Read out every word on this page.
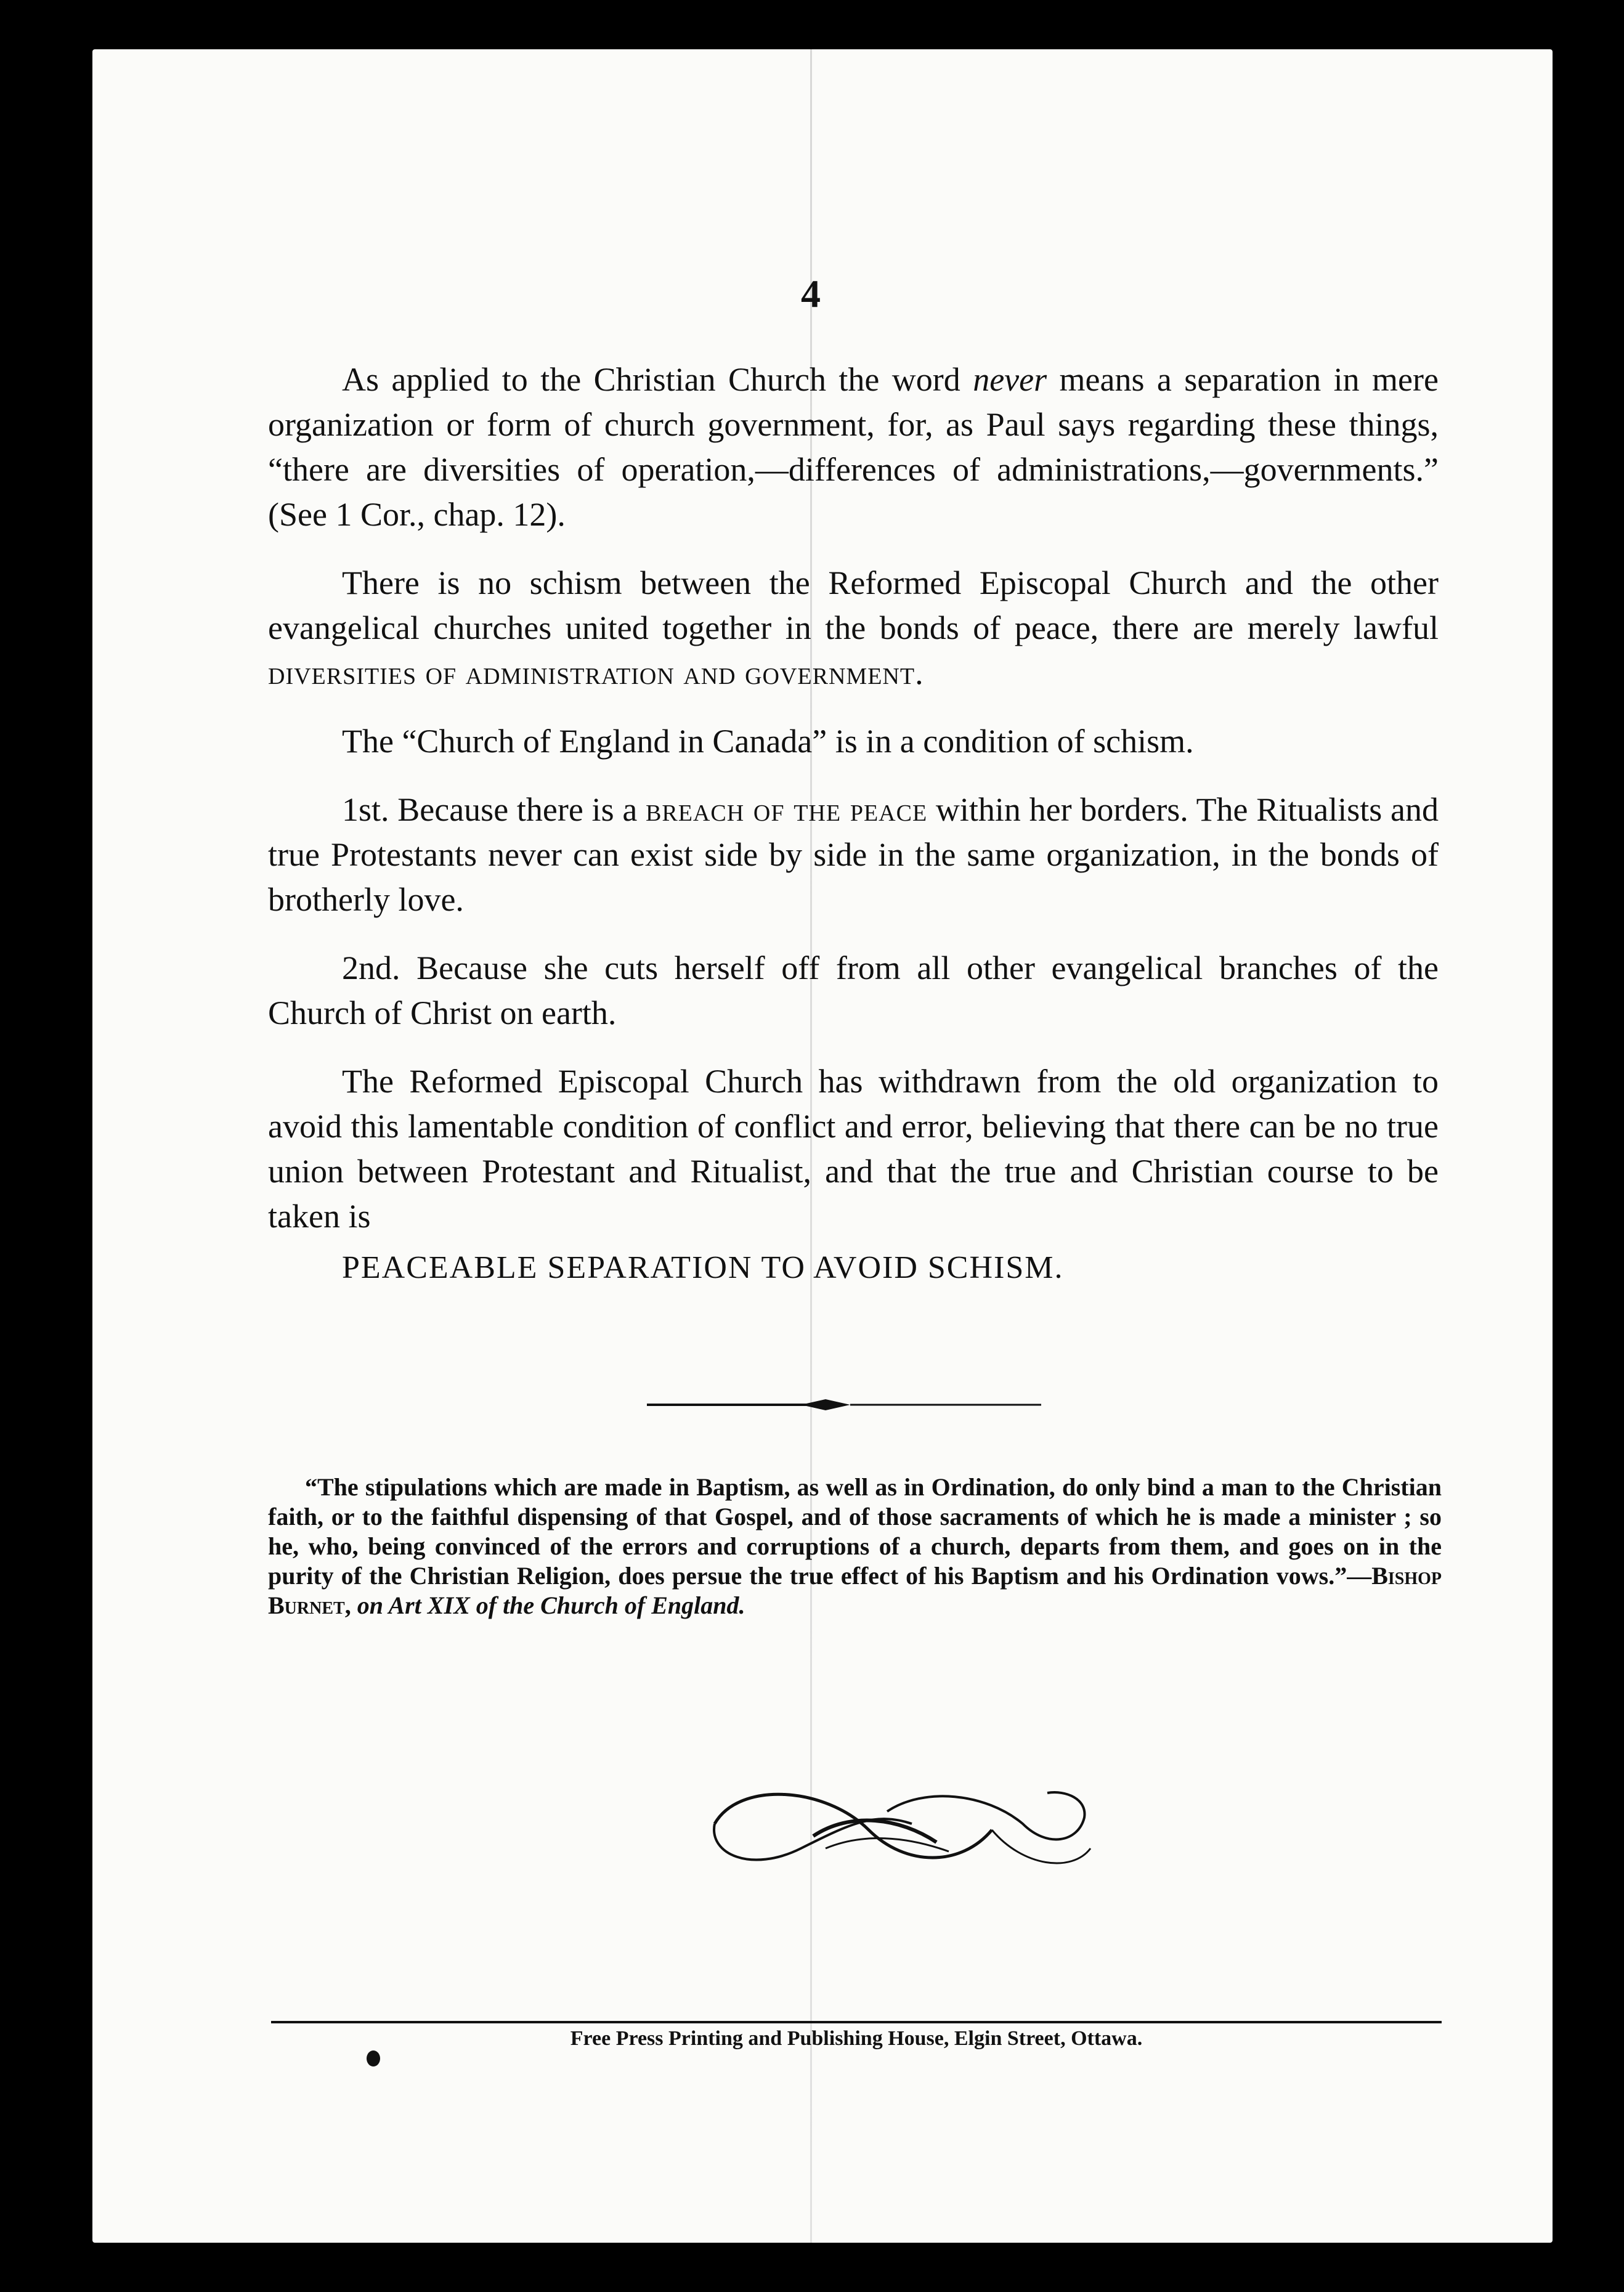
4

As applied to the Christian Church the word never means a separation in mere organization or form of church government, for, as Paul says regarding these things, “there are diversities of operation,—differences of administrations,—governments.” (See 1 Cor., chap. 12).

There is no schism between the Reformed Episcopal Church and the other evangelical churches united together in the bonds of peace, there are merely lawful diversities of administration and government.

The “Church of England in Canada” is in a condition of schism.

1st. Because there is a breach of the peace within her borders. The Ritualists and true Protestants never can exist side by side in the same organization, in the bonds of brotherly love.

2nd. Because she cuts herself off from all other evangelical branches of the Church of Christ on earth.

The Reformed Episcopal Church has withdrawn from the old organization to avoid this lamentable condition of conflict and error, believing that there can be no true union between Protestant and Ritualist, and that the true and Christian course to be taken is

PEACEABLE SEPARATION TO AVOID SCHISM.

“The stipulations which are made in Baptism, as well as in Ordination, do only bind a man to the Christian faith, or to the faithful dispensing of that Gospel, and of those sacraments of which he is made a minister ; so he, who, being convinced of the errors and corruptions of a church, departs from them, and goes on in the purity of the Christian Religion, does persue the true effect of his Baptism and his Ordination vows.”—Bishop Burnet, on Art XIX of the Church of England.
Free Press Printing and Publishing House, Elgin Street, Ottawa.
